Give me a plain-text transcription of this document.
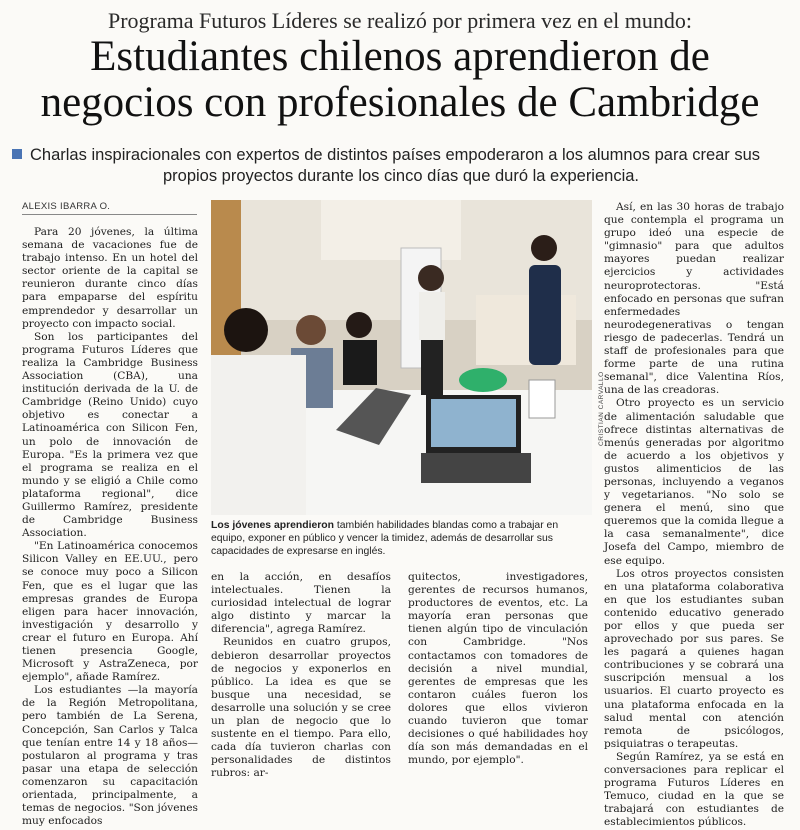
Programa Futuros Líderes se realizó por primera vez en el mundo:
Estudiantes chilenos aprendieron de
negocios con profesionales de Cambridge
Charlas inspiracionales con expertos de distintos países empoderaron a los alumnos para crear sus
propios proyectos durante los cinco días que duró la experiencia.
ALEXIS IBARRA O.

Para 20 jóvenes, la última semana de vacaciones fue de trabajo intenso. En un hotel del sector oriente de la capital se reunieron durante cinco días para empaparse del espíritu emprendedor y desarrollar un proyecto con impacto social.

Son los participantes del programa Futuros Líderes que realiza la Cambridge Business Association (CBA), una institución derivada de la U. de Cambridge (Reino Unido) cuyo objetivo es conectar a Latinoamérica con Silicon Fen, un polo de innovación de Europa. "Es la primera vez que el programa se realiza en el mundo y se eligió a Chile como plataforma regional", dice Guillermo Ramírez, presidente de Cambridge Business Association.

"En Latinoamérica conocemos Silicon Valley en EE.UU., pero se conoce muy poco a Silicon Fen, que es el lugar que las empresas grandes de Europa eligen para hacer innovación, investigación y desarrollo y crear el futuro en Europa. Ahí tienen presencia Google, Microsoft y AstraZeneca, por ejemplo", añade Ramírez.

Los estudiantes —la mayoría de la Región Metropolitana, pero también de La Serena, Concepción, San Carlos y Talca que tenían entre 14 y 18 años— postularon al programa y tras pasar una etapa de selección comenzaron su capacitación orientada, principalmente, a temas de negocios. "Son jóvenes muy enfocados

CRISTIAN CARVALLO
Los jóvenes aprendieron también habilidades blandas como a trabajar en equipo, exponer en público y vencer la timidez, además de desarrollar sus capacidades de expresarse en inglés.

en la acción, en desafíos intelectuales. Tienen la curiosidad intelectual de lograr algo distinto y marcar la diferencia", agrega Ramírez.

Reunidos en cuatro grupos, debieron desarrollar proyectos de negocios y exponerlos en público. La idea es que se busque una necesidad, se desarrolle una solución y se cree un plan de negocio que lo sustente en el tiempo. Para ello, cada día tuvieron charlas con personalidades de distintos rubros: ar-

quitectos, investigadores, gerentes de recursos humanos, productores de eventos, etc. La mayoría eran personas que tienen algún tipo de vinculación con Cambridge. "Nos contactamos con tomadores de decisión a nivel mundial, gerentes de empresas que les contaron cuáles fueron los dolores que ellos vivieron cuando tuvieron que tomar decisiones o qué habilidades hoy día son más demandadas en el mundo, por ejemplo".

Así, en las 30 horas de trabajo que contempla el programa un grupo ideó una especie de "gimnasio" para que adultos mayores puedan realizar ejercicios y actividades neuroprotectoras. "Está enfocado en personas que sufran enfermedades neurodegenerativas o tengan riesgo de padecerlas. Tendrá un staff de profesionales para que forme parte de una rutina semanal", dice Valentina Ríos, una de las creadoras.

Otro proyecto es un servicio de alimentación saludable que ofrece distintas alternativas de menús generadas por algoritmo de acuerdo a los objetivos y gustos alimenticios de las personas, incluyendo a veganos y vegetarianos. "No solo se genera el menú, sino que queremos que la comida llegue a la casa semanalmente", dice Josefa del Campo, miembro de ese equipo.

Los otros proyectos consisten en una plataforma colaborativa en que los estudiantes suban contenido educativo generado por ellos y que pueda ser aprovechado por sus pares. Se les pagará a quienes hagan contribuciones y se cobrará una suscripción mensual a los usuarios. El cuarto proyecto es una plataforma enfocada en la salud mental con atención remota de psicólogos, psiquiatras o terapeutas.

Según Ramírez, ya se está en conversaciones para replicar el programa Futuros Líderes en Temuco, ciudad en la que se trabajará con estudiantes de establecimientos públicos.
